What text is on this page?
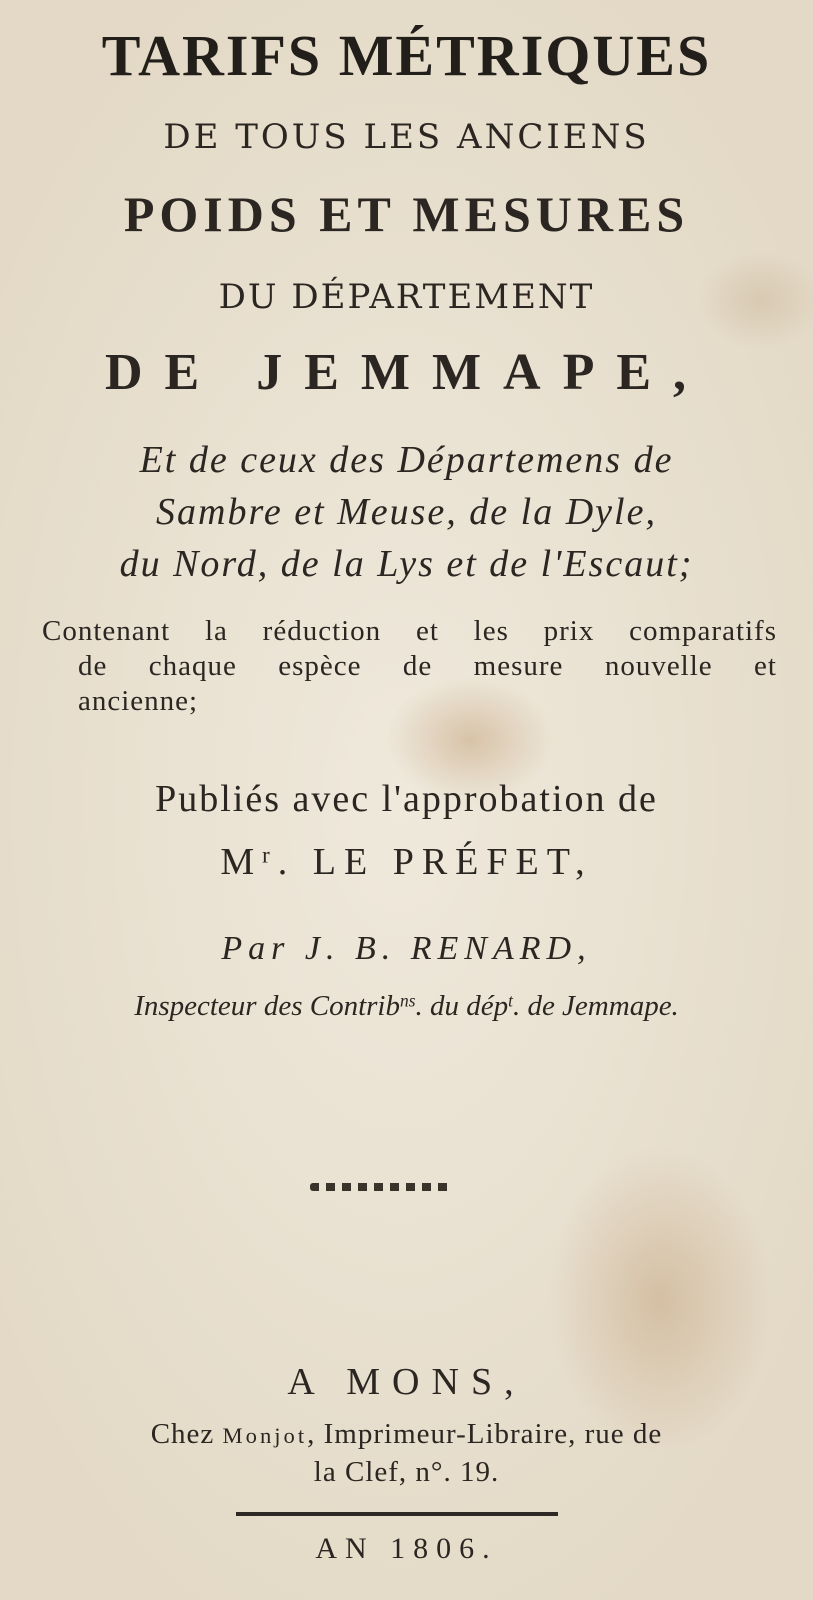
TARIFS MÉTRIQUES

DE TOUS LES ANCIENS

POIDS ET MESURES

DU DÉPARTEMENT

DE JEMMAPE,

Et de ceux des Départemens de

Sambre et Meuse, de la Dyle,

du Nord, de la Lys et de l'Escaut;

Contenant la réduction et les prix comparatifs

de chaque espèce de mesure nouvelle et

ancienne;

Publiés avec l'approbation de

$M^r$. LE PRÉFET,

Par J. B. RENARD,

Inspecteur des Contrib$^{ns}$. du dép$^t$. de Jemmape.

A MONS,

Chez Monjot, Imprimeur-Libraire, rue de

la Clef, n°. 19.

AN 1806.
